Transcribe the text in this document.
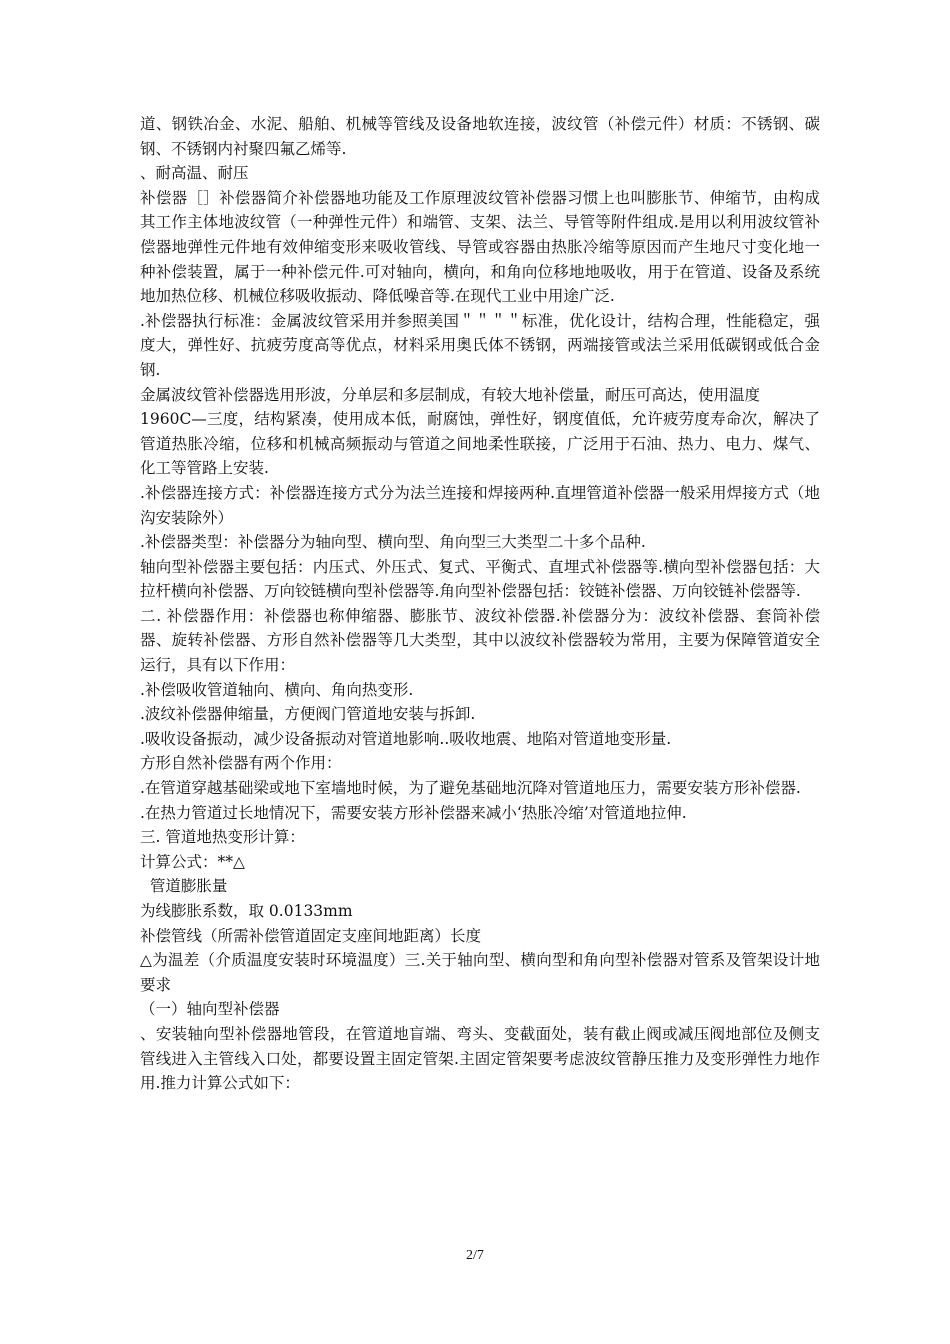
道、钢铁冶金、水泥、船舶、机械等管线及设备地软连接，波纹管（补偿元件）材质：不锈钢、碳钢、不锈钢内衬聚四氟乙烯等.

、耐高温、耐压

补偿器［］补偿器简介补偿器地功能及工作原理波纹管补偿器习惯上也叫膨胀节、伸缩节，由构成其工作主体地波纹管（一种弹性元件）和端管、支架、法兰、导管等附件组成.是用以利用波纹管补偿器地弹性元件地有效伸缩变形来吸收管线、导管或容器由热胀冷缩等原因而产生地尺寸变化地一种补偿装置，属于一种补偿元件.可对轴向，横向，和角向位移地地吸收，用于在管道、设备及系统地加热位移、机械位移吸收振动、降低噪音等.在现代工业中用途广泛.

.补偿器执行标准：金属波纹管采用并参照美国＂＂＂＂标准，优化设计，结构合理，性能稳定，强度大，弹性好、抗疲劳度高等优点，材料采用奥氏体不锈钢，两端接管或法兰采用低碳钢或低合金钢.

金属波纹管补偿器选用形波，分单层和多层制成，有较大地补偿量，耐压可高达，使用温度

1960C—三度，结构紧凑，使用成本低，耐腐蚀，弹性好，钢度值低，允许疲劳度寿命次，解决了管道热胀冷缩，位移和机械高频振动与管道之间地柔性联接，广泛用于石油、热力、电力、煤气、化工等管路上安装.

.补偿器连接方式：补偿器连接方式分为法兰连接和焊接两种.直埋管道补偿器一般采用焊接方式（地沟安装除外）

.补偿器类型：补偿器分为轴向型、横向型、角向型三大类型二十多个品种.

轴向型补偿器主要包括：内压式、外压式、复式、平衡式、直埋式补偿器等.横向型补偿器包括：大拉杆横向补偿器、万向铰链横向型补偿器等.角向型补偿器包括：铰链补偿器、万向铰链补偿器等.

二. 补偿器作用：补偿器也称伸缩器、膨胀节、波纹补偿器.补偿器分为：波纹补偿器、套筒补偿器、旋转补偿器、方形自然补偿器等几大类型，其中以波纹补偿器较为常用，主要为保障管道安全运行，具有以下作用：

.补偿吸收管道轴向、横向、角向热变形.

.波纹补偿器伸缩量，方便阀门管道地安装与拆卸.

.吸收设备振动，减少设备振动对管道地影响..吸收地震、地陷对管道地变形量.

方形自然补偿器有两个作用：

.在管道穿越基础梁或地下室墙地时候，为了避免基础地沉降对管道地压力，需要安装方形补偿器.

.在热力管道过长地情况下，需要安装方形补偿器来减小‘热胀冷缩’对管道地拉伸.

三. 管道地热变形计算：

计算公式：**△

管道膨胀量

为线膨胀系数，取 0.0133mm

补偿管线（所需补偿管道固定支座间地距离）长度

△为温差（介质温度安装时环境温度）三.关于轴向型、横向型和角向型补偿器对管系及管架设计地要求

（一）轴向型补偿器

、安装轴向型补偿器地管段，在管道地盲端、弯头、变截面处，装有截止阀或减压阀地部位及侧支管线进入主管线入口处，都要设置主固定管架.主固定管架要考虑波纹管静压推力及变形弹性力地作用.推力计算公式如下：

2/7
